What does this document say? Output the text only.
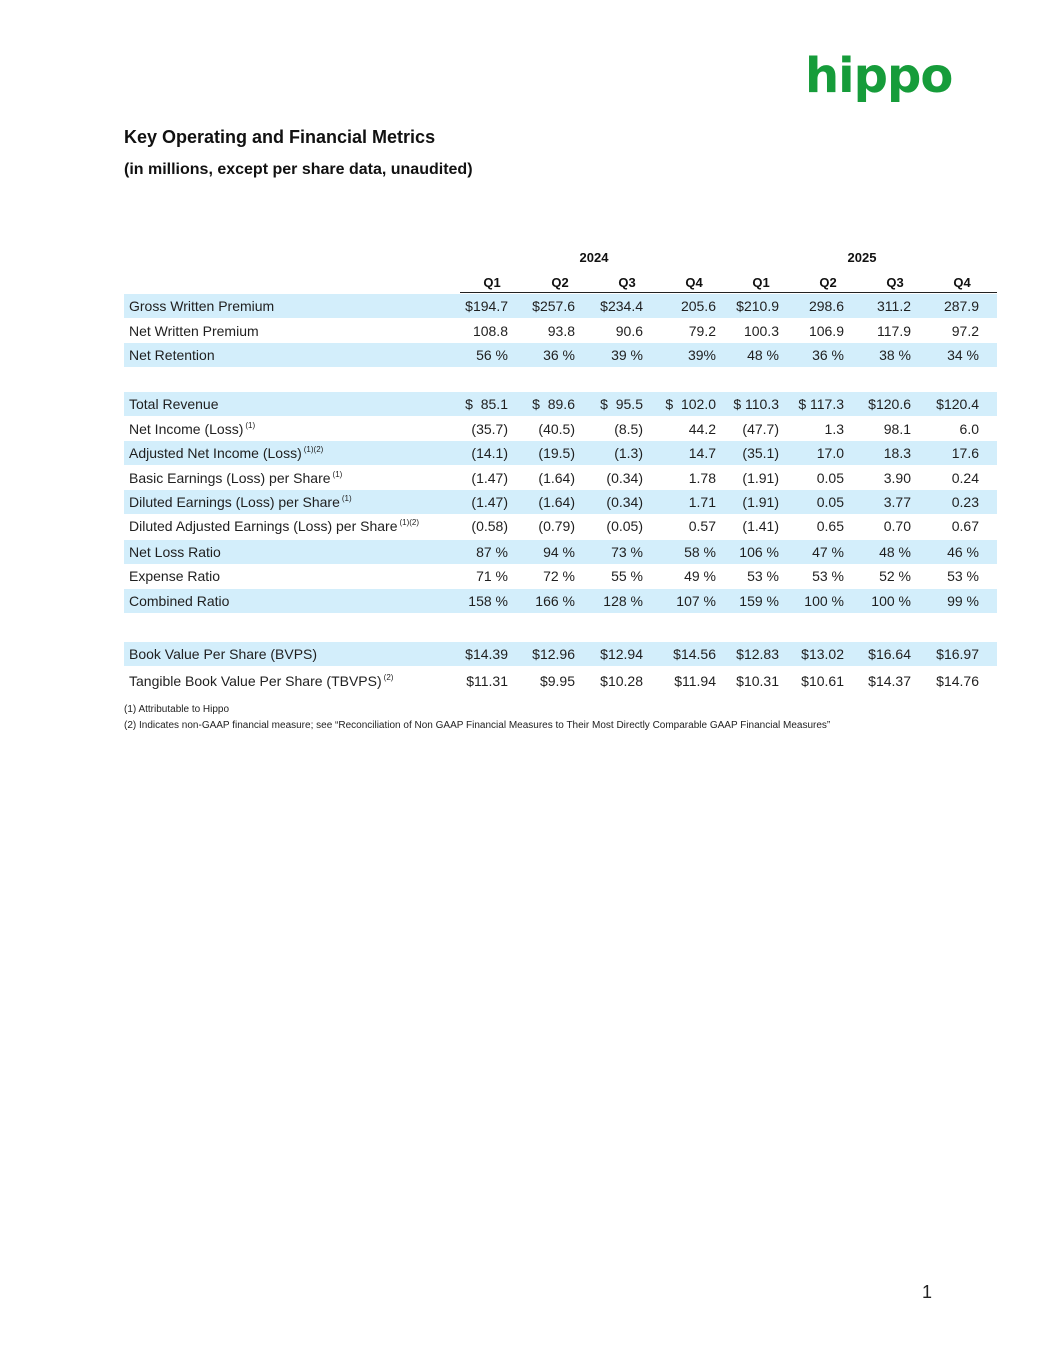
hippo
Key Operating and Financial Metrics
(in millions, except per share data, unaudited)
2024	2025
Q1	Q2	Q3	Q4	Q1	Q2	Q3	Q4
Gross Written Premium	$194.7 $257.6 $234.4	205.6 $210.9 298.6 311.2 287.9
Net Written Premium	108.8	93.8	90.6	79.2 100.3 106.9 117.9	97.2
Net Retention	56 %	36 %	39 %	39% 48 % 36 %	38 %	34 %
Total Revenue	$  85.1 $  89.6 $  95.5 $  102.0 $ 110.3 $ 117.3 $120.6 $120.4
Net Income (Loss) $^{(1)}$	(35.7) (40.5)	(8.5)	44.2 (47.7)	1.3	98.1	6.0
Adjusted Net Income (Loss) $^{(1)(2)}$	(14.1) (19.5)	(1.3)	14.7 (35.1)	17.0	18.3	17.6
Basic Earnings (Loss) per Share $^{(1)}$	(1.47) (1.64) (0.34)	1.78 (1.91)	0.05	3.90	0.24
Diluted Earnings (Loss) per Share $^{(1)}$	(1.47) (1.64) (0.34)	1.71 (1.91)	0.05	3.77	0.23
Diluted Adjusted Earnings (Loss) per Share $^{(1)(2)}$	(0.58) (0.79) (0.05)	0.57 (1.41)	0.65	0.70	0.67
Net Loss Ratio	87 %	94 %	73 %	58 % 106 % 47 %	48 %	46 %
Expense Ratio	71 %	72 %	55 %	49 % 53 % 53 %	52 %	53 %
Combined Ratio	158 % 166 % 128 % 107 % 159 % 100 % 100 %	99 %
Book Value Per Share (BVPS)	$14.39 $12.96 $12.94 $14.56 $12.83 $13.02 $16.64 $16.97
Tangible Book Value Per Share (TBVPS) $^{(2)}$	$11.31 $9.95 $10.28 $11.94 $10.31 $10.61 $14.37 $14.76
(1) Attributable to Hippo
(2) Indicates non-GAAP financial measure; see “Reconciliation of Non GAAP Financial Measures to Their Most Directly Comparable GAAP Financial Measures”
1
